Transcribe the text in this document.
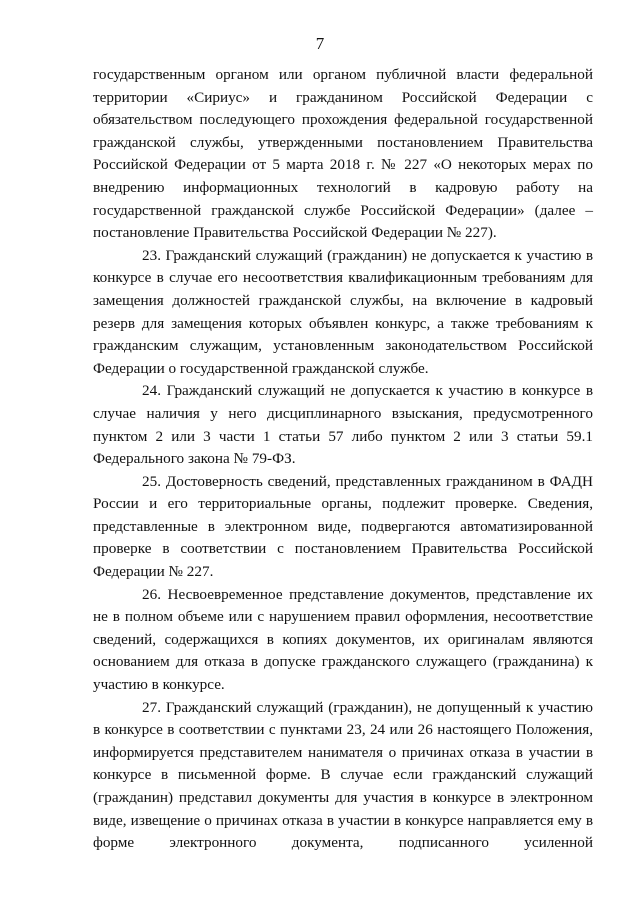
7

государственным органом или органом публичной власти федеральной территории «Сириус» и гражданином Российской Федерации с обязательством последующего прохождения федеральной государственной гражданской службы, утвержденными постановлением Правительства Российской Федерации от 5 марта 2018 г. № 227 «О некоторых мерах по внедрению информационных технологий в кадровую работу на государственной гражданской службе Российской Федерации» (далее – постановление Правительства Российской Федерации № 227).

23. Гражданский служащий (гражданин) не допускается к участию в конкурсе в случае его несоответствия квалификационным требованиям для замещения должностей гражданской службы, на включение в кадровый резерв для замещения которых объявлен конкурс, а также требованиям к гражданским служащим, установленным законодательством Российской Федерации о государственной гражданской службе.

24. Гражданский служащий не допускается к участию в конкурсе в случае наличия у него дисциплинарного взыскания, предусмотренного пунктом 2 или 3 части 1 статьи 57 либо пунктом 2 или 3 статьи 59.1 Федерального закона № 79-ФЗ.

25. Достоверность сведений, представленных гражданином в ФАДН России и его территориальные органы, подлежит проверке. Сведения, представленные в электронном виде, подвергаются автоматизированной проверке в соответствии с постановлением Правительства Российской Федерации № 227.

26. Несвоевременное представление документов, представление их не в полном объеме или с нарушением правил оформления, несоответствие сведений, содержащихся в копиях документов, их оригиналам являются основанием для отказа в допуске гражданского служащего (гражданина) к участию в конкурсе.

27. Гражданский служащий (гражданин), не допущенный к участию в конкурсе в соответствии с пунктами 23, 24 или 26 настоящего Положения, информируется представителем нанимателя о причинах отказа в участии в конкурсе в письменной форме. В случае если гражданский служащий (гражданин) представил документы для участия в конкурсе в электронном виде, извещение о причинах отказа в участии в конкурсе направляется ему в форме электронного документа, подписанного усиленной
